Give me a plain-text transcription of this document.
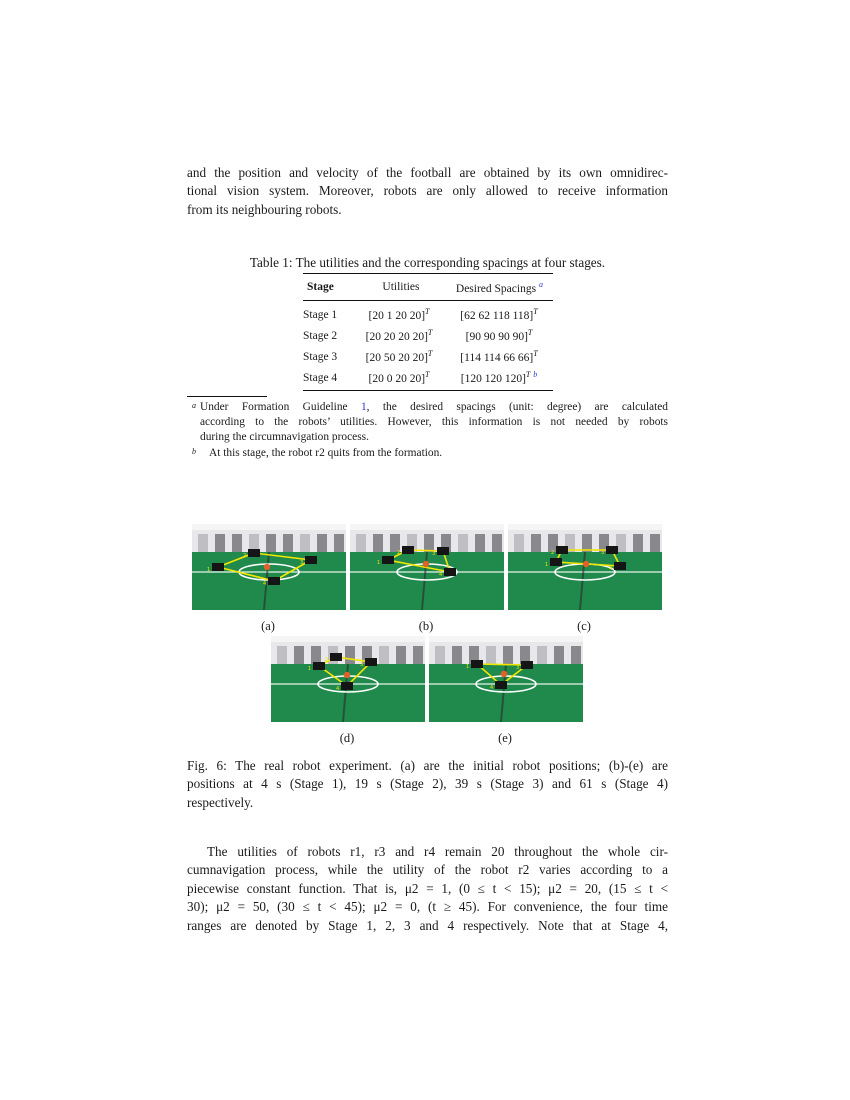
and the position and velocity of the football are obtained by its own omnidirec-
tional vision system. Moreover, robots are only allowed to receive information
from its neighbouring robots.
Table 1: The utilities and the corresponding spacings at four stages.
Stage	Utilities	Desired Spacings $^a$
Stage 1	[20 1 20 20]$^T$	[62 62 118 118]$^T$
Stage 2	[20 20 20 20]$^T$	[90 90 90 90]$^T$
Stage 3	[20 50 20 20]$^T$	[114 114 66 66]$^T$
Stage 4	[20 0 20 20]$^T$	[120 120 120]$^T$ $^b$
a Under Formation Guideline 1, the desired spacings (unit: degree) are calculated
according to the robots’ utilities. However, this information is not needed by robots
during the circumnavigation process.
b At this stage, the robot r2 quits from the formation.
1
2
3
4
(a)
1
2	3
4
(b)
1
2	3
4
(c)
1
2
3
4
(d)
1	3
4
(e)
Fig. 6: The real robot experiment. (a) are the initial robot positions; (b)-(e) are
positions at 4 s (Stage 1), 19 s (Stage 2), 39 s (Stage 3) and 61 s (Stage 4)
respectively.
The utilities of robots r1, r3 and r4 remain 20 throughout the whole cir-
cumnavigation process, while the utility of the robot r2 varies according to a
piecewise constant function. That is, μ2 = 1, (0 ≤ t < 15); μ2 = 20, (15 ≤ t <
30); μ2 = 50, (30 ≤ t < 45); μ2 = 0, (t ≥ 45). For convenience, the four time
ranges are denoted by Stage 1, 2, 3 and 4 respectively. Note that at Stage 4,
